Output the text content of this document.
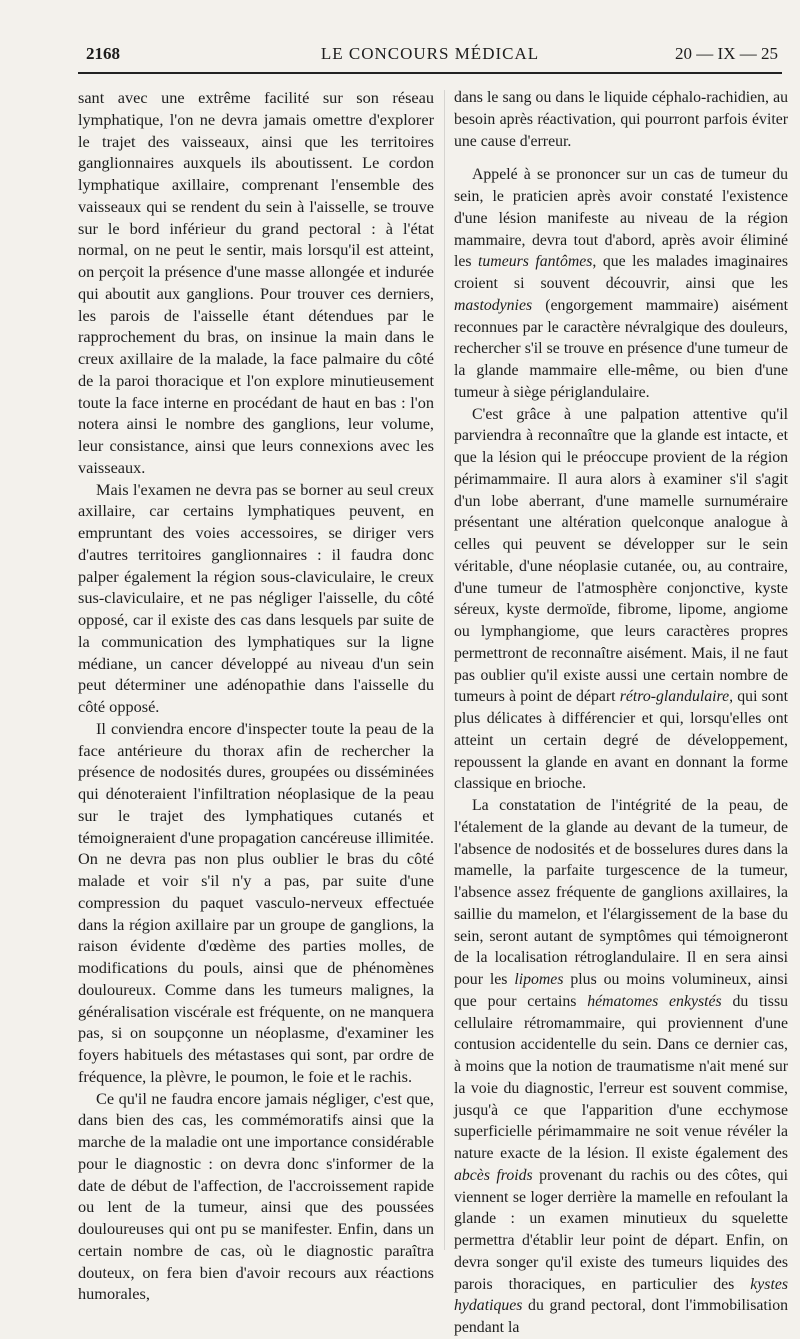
2168	LE CONCOURS MÉDICAL	20 — IX — 25

sant avec une extrême facilité sur son réseau lymphatique, l'on ne devra jamais omettre d'explorer le trajet des vaisseaux, ainsi que les territoires ganglionnaires auxquels ils aboutissent. Le cordon lymphatique axillaire, comprenant l'ensemble des vaisseaux qui se rendent du sein à l'aisselle, se trouve sur le bord inférieur du grand pectoral : à l'état normal, on ne peut le sentir, mais lorsqu'il est atteint, on perçoit la présence d'une masse allongée et indurée qui aboutit aux ganglions. Pour trouver ces derniers, les parois de l'aisselle étant détendues par le rapprochement du bras, on insinue la main dans le creux axillaire de la malade, la face palmaire du côté de la paroi thoracique et l'on explore minutieusement toute la face interne en procédant de haut en bas : l'on notera ainsi le nombre des ganglions, leur volume, leur consistance, ainsi que leurs connexions avec les vaisseaux.

Mais l'examen ne devra pas se borner au seul creux axillaire, car certains lymphatiques peuvent, en empruntant des voies accessoires, se diriger vers d'autres territoires ganglionnaires : il faudra donc palper également la région sous-claviculaire, le creux sus-claviculaire, et ne pas négliger l'aisselle, du côté opposé, car il existe des cas dans lesquels par suite de la communication des lymphatiques sur la ligne médiane, un cancer développé au niveau d'un sein peut déterminer une adénopathie dans l'aisselle du côté opposé.

Il conviendra encore d'inspecter toute la peau de la face antérieure du thorax afin de rechercher la présence de nodosités dures, groupées ou disséminées qui dénoteraient l'infiltration néoplasique de la peau sur le trajet des lymphatiques cutanés et témoigneraient d'une propagation cancéreuse illimitée. On ne devra pas non plus oublier le bras du côté malade et voir s'il n'y a pas, par suite d'une compression du paquet vasculo-nerveux effectuée dans la région axillaire par un groupe de ganglions, la raison évidente d'œdème des parties molles, de modifications du pouls, ainsi que de phénomènes douloureux. Comme dans les tumeurs malignes, la généralisation viscérale est fréquente, on ne manquera pas, si on soupçonne un néoplasme, d'examiner les foyers habituels des métastases qui sont, par ordre de fréquence, la plèvre, le poumon, le foie et le rachis.

Ce qu'il ne faudra encore jamais négliger, c'est que, dans bien des cas, les commémoratifs ainsi que la marche de la maladie ont une importance considérable pour le diagnostic : on devra donc s'informer de la date de début de l'affection, de l'accroissement rapide ou lent de la tumeur, ainsi que des poussées douloureuses qui ont pu se manifester. Enfin, dans un certain nombre de cas, où le diagnostic paraîtra douteux, on fera bien d'avoir recours aux réactions humorales,

dans le sang ou dans le liquide céphalo-rachidien, au besoin après réactivation, qui pourront parfois éviter une cause d'erreur.

Appelé à se prononcer sur un cas de tumeur du sein, le praticien après avoir constaté l'existence d'une lésion manifeste au niveau de la région mammaire, devra tout d'abord, après avoir éliminé les tumeurs fantômes, que les malades imaginaires croient si souvent découvrir, ainsi que les mastodynies (engorgement mammaire) aisément reconnues par le caractère névralgique des douleurs, rechercher s'il se trouve en présence d'une tumeur de la glande mammaire elle-même, ou bien d'une tumeur à siège périglandulaire.

C'est grâce à une palpation attentive qu'il parviendra à reconnaître que la glande est intacte, et que la lésion qui le préoccupe provient de la région périmammaire. Il aura alors à examiner s'il s'agit d'un lobe aberrant, d'une mamelle surnuméraire présentant une altération quelconque analogue à celles qui peuvent se développer sur le sein véritable, d'une néoplasie cutanée, ou, au contraire, d'une tumeur de l'atmosphère conjonctive, kyste séreux, kyste dermoïde, fibrome, lipome, angiome ou lymphangiome, que leurs caractères propres permettront de reconnaître aisément. Mais, il ne faut pas oublier qu'il existe aussi une certain nombre de tumeurs à point de départ rétro-glandulaire, qui sont plus délicates à différencier et qui, lorsqu'elles ont atteint un certain degré de développement, repoussent la glande en avant en donnant la forme classique en brioche.

La constatation de l'intégrité de la peau, de l'étalement de la glande au devant de la tumeur, de l'absence de nodosités et de bosselures dures dans la mamelle, la parfaite turgescence de la tumeur, l'absence assez fréquente de ganglions axillaires, la saillie du mamelon, et l'élargissement de la base du sein, seront autant de symptômes qui témoigneront de la localisation rétroglandulaire. Il en sera ainsi pour les lipomes plus ou moins volumineux, ainsi que pour certains hématomes enkystés du tissu cellulaire rétromammaire, qui proviennent d'une contusion accidentelle du sein. Dans ce dernier cas, à moins que la notion de traumatisme n'ait mené sur la voie du diagnostic, l'erreur est souvent commise, jusqu'à ce que l'apparition d'une ecchymose superficielle périmammaire ne soit venue révéler la nature exacte de la lésion. Il existe également des abcès froids provenant du rachis ou des côtes, qui viennent se loger derrière la mamelle en refoulant la glande : un examen minutieux du squelette permettra d'établir leur point de départ. Enfin, on devra songer qu'il existe des tumeurs liquides des parois thoraciques, en particulier des kystes hydatiques du grand pectoral, dont l'immobilisation pendant la
